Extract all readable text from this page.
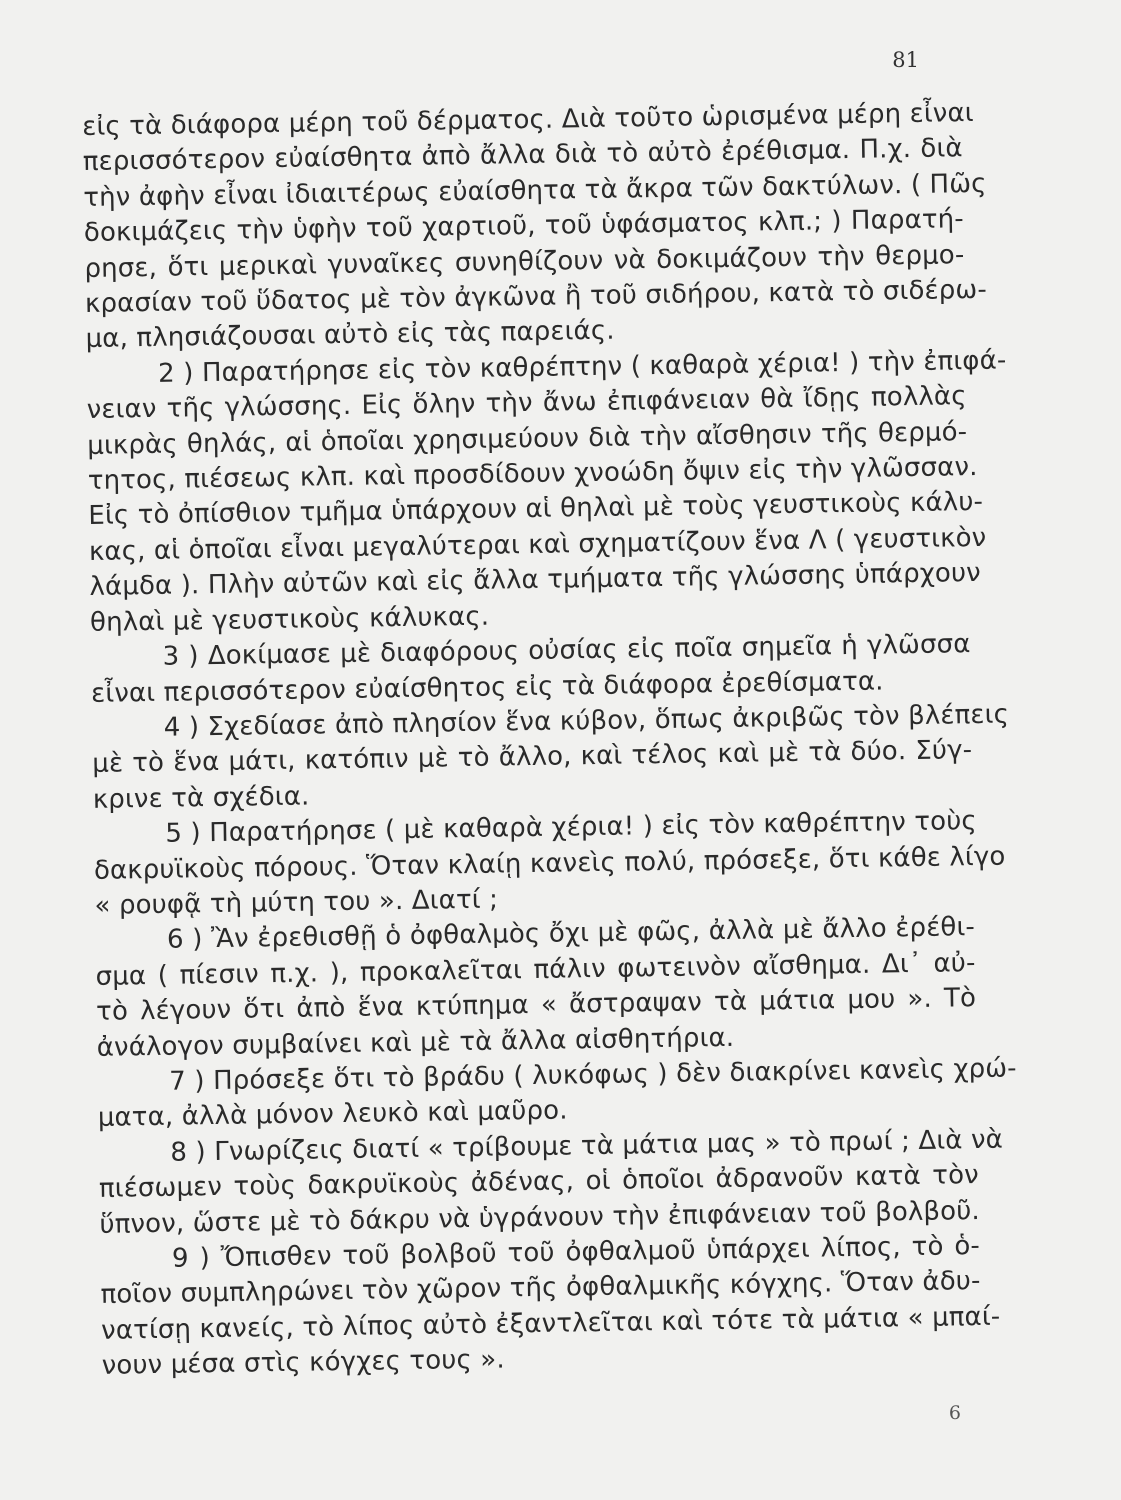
81
εἰς τὰ διάφορα μέρη τοῦ δέρματος. Διὰ τοῦτο ὡρισμένα μέρη εἶναι
περισσότερον εὐαίσθητα ἀπὸ ἄλλα διὰ τὸ αὐτὸ ἐρέθισμα. Π.χ. διὰ
τὴν ἀφὴν εἶναι ἰδιαιτέρως εὐαίσθητα τὰ ἄκρα τῶν δακτύλων. ( Πῶς
δοκιμάζεις τὴν ὑφὴν τοῦ χαρτιοῦ, τοῦ ὑφάσματος κλπ.; ) Παρατή-
ρησε, ὅτι μερικαὶ γυναῖκες συνηθίζουν νὰ δοκιμάζουν τὴν θερμο-
κρασίαν τοῦ ὕδατος μὲ τὸν ἀγκῶνα ἢ τοῦ σιδήρου, κατὰ τὸ σιδέρω-
μα, πλησιάζουσαι αὐτὸ εἰς τὰς παρειάς.
2 ) Παρατήρησε εἰς τὸν καθρέπτην ( καθαρὰ χέρια! ) τὴν ἐπιφά-
νειαν τῆς γλώσσης. Εἰς ὅλην τὴν ἄνω ἐπιφάνειαν θὰ ἴδῃς πολλὰς
μικρὰς θηλάς, αἱ ὁποῖαι χρησιμεύουν διὰ τὴν αἴσθησιν τῆς θερμό-
τητος, πιέσεως κλπ. καὶ προσδίδουν χνοώδη ὄψιν εἰς τὴν γλῶσσαν.
Εἰς τὸ ὀπίσθιον τμῆμα ὑπάρχουν αἱ θηλαὶ μὲ τοὺς γευστικοὺς κάλυ-
κας, αἱ ὁποῖαι εἶναι μεγαλύτεραι καὶ σχηματίζουν ἕνα Λ ( γευστικὸν
λάμδα ). Πλὴν αὐτῶν καὶ εἰς ἄλλα τμήματα τῆς γλώσσης ὑπάρχουν
θηλαὶ μὲ γευστικοὺς κάλυκας.
3 ) Δοκίμασε μὲ διαφόρους οὐσίας εἰς ποῖα σημεῖα ἡ γλῶσσα
εἶναι περισσότερον εὐαίσθητος εἰς τὰ διάφορα ἐρεθίσματα.
4 ) Σχεδίασε ἀπὸ πλησίον ἕνα κύβον, ὅπως ἀκριβῶς τὸν βλέπεις
μὲ τὸ ἕνα μάτι, κατόπιν μὲ τὸ ἄλλο, καὶ τέλος καὶ μὲ τὰ δύο. Σύγ-
κρινε τὰ σχέδια.
5 ) Παρατήρησε ( μὲ καθαρὰ χέρια! ) εἰς τὸν καθρέπτην τοὺς
δακρυϊκοὺς πόρους. Ὅταν κλαίῃ κανεὶς πολύ, πρόσεξε, ὅτι κάθε λίγο
« ρουφᾷ τὴ μύτη του ». Διατί ;
6 ) Ἂν ἐρεθισθῇ ὁ ὀφθαλμὸς ὄχι μὲ φῶς, ἀλλὰ μὲ ἄλλο ἐρέθι-
σμα ( πίεσιν π.χ. ), προκαλεῖται πάλιν φωτεινὸν αἴσθημα. Δι᾽ αὐ-
τὸ λέγουν ὅτι ἀπὸ ἕνα κτύπημα « ἄστραψαν τὰ μάτια μου ». Τὸ
ἀνάλογον συμβαίνει καὶ μὲ τὰ ἄλλα αἰσθητήρια.
7 ) Πρόσεξε ὅτι τὸ βράδυ ( λυκόφως ) δὲν διακρίνει κανεὶς χρώ-
ματα, ἀλλὰ μόνον λευκὸ καὶ μαῦρο.
8 ) Γνωρίζεις διατί « τρίβουμε τὰ μάτια μας » τὸ πρωί ; Διὰ νὰ
πιέσωμεν τοὺς δακρυϊκοὺς ἀδένας, οἱ ὁποῖοι ἀδρανοῦν κατὰ τὸν
ὕπνον, ὥστε μὲ τὸ δάκρυ νὰ ὑγράνουν τὴν ἐπιφάνειαν τοῦ βολβοῦ.
9 ) Ὄπισθεν τοῦ βολβοῦ τοῦ ὀφθαλμοῦ ὑπάρχει λίπος, τὸ ὁ-
ποῖον συμπληρώνει τὸν χῶρον τῆς ὀφθαλμικῆς κόγχης. Ὅταν ἀδυ-
νατίσῃ κανείς, τὸ λίπος αὐτὸ ἐξαντλεῖται καὶ τότε τὰ μάτια « μπαί-
νουν μέσα στὶς κόγχες τους ».
6
